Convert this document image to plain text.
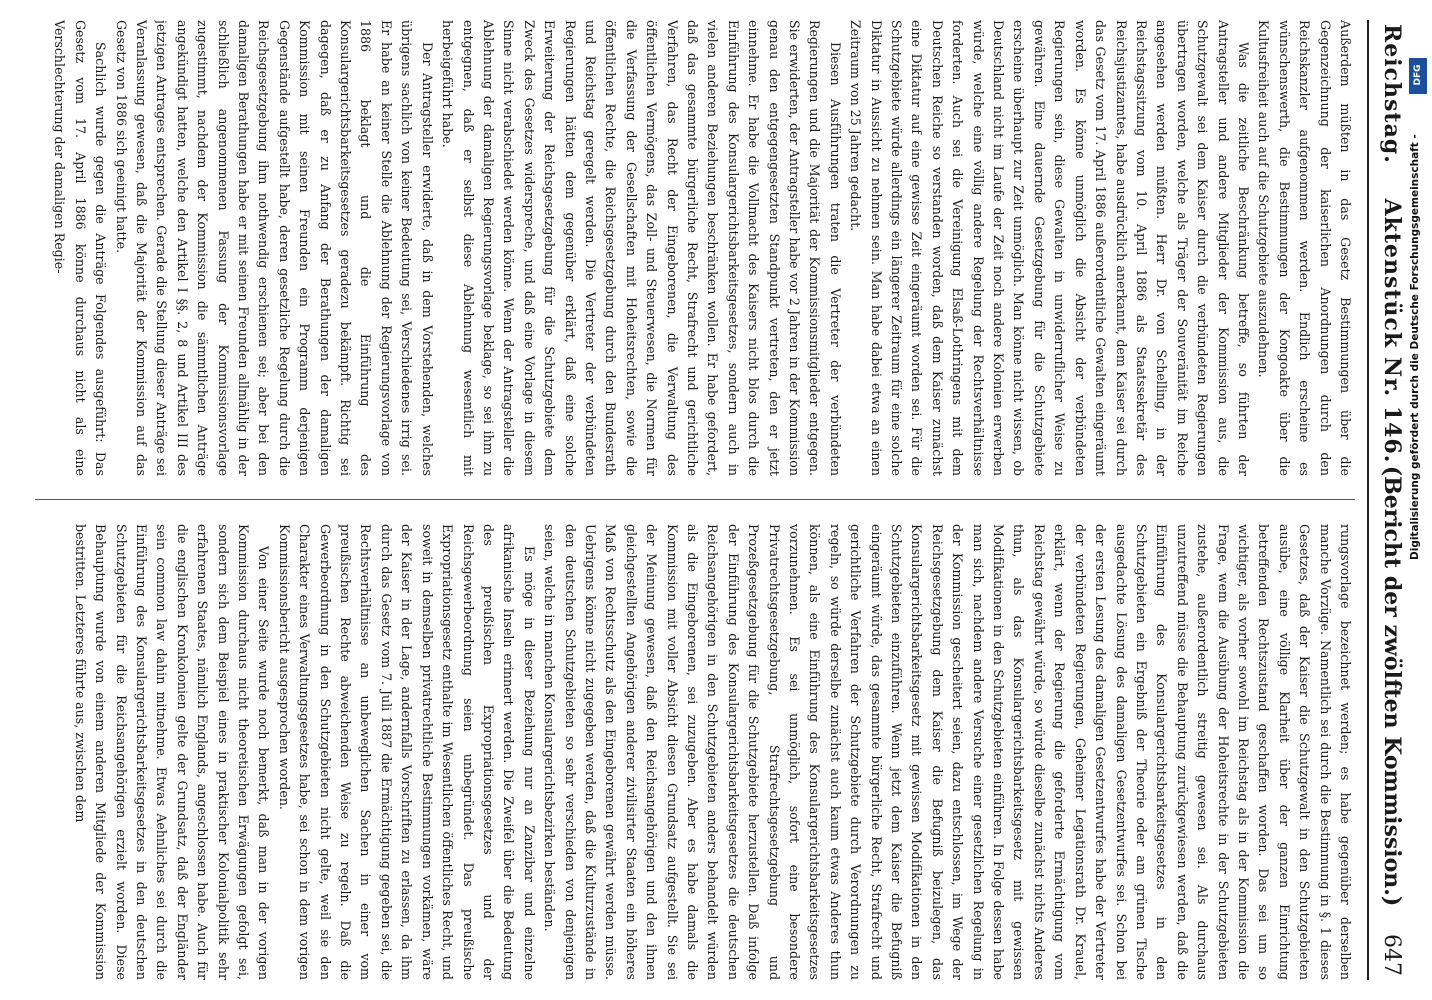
Reichstag. Aktenstück Nr. 146.
(Bericht der zwölften Kommission.) 647

Außerdem müßten in das Gesetz Bestimmungen über die Gegenzeichnung der kaiserlichen Anordnungen durch den Reichskanzler aufgenommen werden. Endlich erscheine es wünschenswerth, die Bestimmungen der Kongoakte über die Kultusfreiheit auch auf die Schutzgebiete auszudehnen.

Was die zeitliche Beschränkung betreffe, so führten der Antragsteller und andere Mitglieder der Kommission aus, die Schutzgewalt sei dem Kaiser durch die verbündeten Regierungen übertragen worden, welche als Träger der Souveränität im Reiche angesehen werden müßten. Herr Dr. von Schelling, in der Reichstagssitzung vom 10. April 1886 als Staatssekretär des Reichsjustizamtes, habe ausdrücklich anerkannt, dem Kaiser sei durch das Gesetz vom 17. April 1886 außerordentliche Gewalten eingeräumt worden. Es könne unmöglich die Absicht der verbündeten Regierungen sein, diese Gewalten in unwiderruflicher Weise zu gewähren. Eine dauernde Gesetzgebung für die Schutzgebiete erscheine überhaupt zur Zeit unmöglich. Man könne nicht wissen, ob Deutschland nicht im Laufe der Zeit noch andere Kolonien erwerben würde, welche eine völlig andere Regelung der Rechtsverhältnisse forderten. Auch sei die Vereinigung Elsaß-Lothringens mit dem Deutschen Reiche so verstanden worden, daß dem Kaiser zunächst eine Diktatur auf eine gewisse Zeit eingeräumt worden sei. Für die Schutzgebiete würde allerdings ein längerer Zeitraum für eine solche Diktatur in Aussicht zu nehmen sein. Man habe dabei etwa an einen Zeitraum von 25 Jahren gedacht.

Diesen Ausführungen traten die Vertreter der verbündeten Regierungen und die Majorität der Kommissionsmitglieder entgegen. Sie erwiderten, der Antragsteller habe vor 2 Jahren in der Kommission genau den entgegengesetzten Standpunkt vertreten, den er jetzt einnehme. Er habe die Vollmacht des Kaisers nicht blos durch die Einführung des Konsulargerichtsbarkeitsgesetzes, sondern auch in vielen anderen Beziehungen beschränken wollen. Er habe gefordert, daß das gesammte bürgerliche Recht, Strafrecht und gerichtliche Verfahren, das Recht der Eingeborenen, die Verwaltung des öffentlichen Vermögens, das Zoll- und Steuerwesen, die Normen für die Verfassung der Gesellschaften mit Hoheitsrechten, sowie die öffentlichen Rechte, die Reichsgesetzgebung durch den Bundesrath und Reichstag geregelt werden. Die Vertreter der verbündeten Regierungen hätten dem gegenüber erklärt, daß eine solche Erweiterung der Reichsgesetzgebung für die Schutzgebiete dem Zweck des Gesetzes widerspreche, und daß eine Vorlage in diesem Sinne nicht verabschiedet werden könne. Wenn der Antragsteller die Ablehnung der damaligen Regierungsvorlage beklage, so sei ihm zu entgegnen, daß er selbst diese Ablehnung wesentlich mit herbeigeführt habe.

Der Antragsteller erwiderte, daß in dem Vorstehenden, welches übrigens sachlich von keiner Bedeutung sei, Verschiedenes irrig sei. Er habe an keiner Stelle die Ablehnung der Regierungsvorlage von 1886 beklagt und die Einführung des Konsulargerichtsbarkeitsgesetzes geradezu bekämpft. Richtig sei dagegen, daß er zu Anfang der Berathungen der damaligen Kommission mit seinen Freunden ein Programm derjenigen Gegenstände aufgestellt habe, deren gesetzliche Regelung durch die Reichsgesetzgebung ihm nothwendig erschienen sei; aber bei den damaligen Berathungen habe er mit seinen Freunden allmählig in der schließlich angenommenen Fassung der Kommissionsvorlage zugestimmt, nachdem der Kommission die sämmtlichen Anträge angekündigt hatten, welche den Artikel I §§. 2, 8 und Artikel III des jetzigen Antrages entsprechen. Gerade die Stellung dieser Anträge sei Veranlassung gewesen, daß die Majorität der Kommission auf das Gesetz von 1886 sich geeinigt hatte.

Sachlich wurde gegen die Anträge Folgendes ausgeführt: Das Gesetz vom 17. April 1886 könne durchaus nicht als eine Verschlechterung der damaligen Regie-

rungsvorlage bezeichnet werden; es habe gegenüber derselben manche Vorzüge. Namentlich sei durch die Bestimmung in §. 1 dieses Gesetzes, daß der Kaiser die Schutzgewalt in den Schutzgebieten ausübe, eine völlige Klarheit über der ganzen Einrichtung betreffenden Rechtszustand geschaffen worden. Das sei um so wichtiger, als vorher sowohl im Reichstag als in der Kommission die Frage, wem die Ausübung der Hoheitsrechte in der Schutzgebieten zustehe, außerordentlich streitig gewesen sei. Als durchaus unzutreffend müsse die Behauptung zurückgewiesen werden, daß die Einführung des Konsulargerichtsbarkeitsgesetzes in den Schutzgebieten ein Ergebniß der Theorie oder am grünen Tische ausgedachte Lösung des damaligen Gesetzentwurfes sei. Schon bei der ersten Lesung des damaligen Gesetzentwurfes habe der Vertreter der verbündeten Regierungen, Geheimer Legationsrath Dr. Krauel, erklärt, wenn der Regierung die geforderte Ermächtigung vom Reichstag gewährt würde, so würde dieselbe zunächst nichts Anderes thun, als das Konsulargerichtsbarkeitsgesetz mit gewissen Modifikationen in den Schutzgebieten einführen. In Folge dessen habe man sich, nachdem andere Versuche einer gesetzlichen Regelung in der Kommission gescheitert seien, dazu entschlossen, im Wege der Reichsgesetzgebung dem Kaiser die Befugniß beizulegen, das Konsulargerichtsbarkeitsgesetz mit gewissen Modifikationen in den Schutzgebieten einzuführen. Wenn jetzt dem Kaiser die Befugniß eingeräumt würde, das gesammte bürgerliche Recht, Strafrecht und gerichtliche Verfahren der Schutzgebiete durch Verordnungen zu regeln, so würde derselbe zunächst auch kaum etwas Anderes thun können, als eine Einführung des Konsulargerichtsbarkeitsgesetzes vorzunehmen. Es sei unmöglich, sofort eine besondere Privatrechtsgesetzgebung, Strafrechtsgesetzgebung und Prozeßgesetzgebung für die Schutzgebiete herzustellen. Daß infolge der Einführung des Konsulargerichtsbarkeitsgesetzes die deutschen Reichsangehörigen in den Schutzgebieten anders behandelt würden als die Eingeborenen, sei zuzugeben. Aber es habe damals die Kommission mit voller Absicht diesen Grundsatz aufgestellt. Sie sei der Meinung gewesen, daß den Reichsangehörigen und den ihnen gleichgestellten Angehörigen anderer zivilisirter Staaten ein höheres Maß von Rechtsschutz als den Eingeborenen gewährt werden müsse. Uebrigens könne nicht zugegeben werden, daß die Kulturzustände in den deutschen Schutzgebieten so sehr verschieden von denjenigen seien, welche in manchen Konsulargerichtsbezirken beständen.

Es möge in dieser Beziehung nur an Zanzibar und einzelne afrikanische Inseln erinnert werden. Die Zweifel über die Bedeutung des preußischen Expropriationsgesetzes und der Reichsgewerbeordnung seien unbegründet. Das preußische Expropriationsgesetz enthalte im Wesentlichen öffentliches Recht, und soweit in demselben privatrechtliche Bestimmungen vorkämen, wäre der Kaiser in der Lage, andernfalls Vorschriften zu erlassen, da ihm durch das Gesetz vom 7. Juli 1887 die Ermächtigung gegeben sei, die Rechtsverhältnisse an unbeweglichen Sachen in einer vom preußischen Rechte abweichenden Weise zu regeln. Daß die Gewerbeordnung in den Schutzgebieten nicht gelte, weil sie den Charakter eines Verwaltungsgesetzes habe, sei schon in dem vorigen Kommissionsbericht ausgesprochen worden.

Von einer Seite wurde noch bemerkt, daß man in der vorigen Kommission durchaus nicht theoretischen Erwägungen gefolgt sei, sondern sich dem Beispiel eines in praktischer Kolonialpolitik sehr erfahrenen Staates, nämlich Englands, angeschlossen habe. Auch für die englischen Kronkolonien gelte der Grundsatz, daß der Engländer sein common law dahin mitnehme. Etwas Aehnliches sei durch die Einführung des Konsulargerichtsbarkeitsgesetzes in den deutschen Schutzgebieten für die Reichsangehörigen erzielt worden. Diese Behauptung wurde von einem anderen Mitgliede der Kommission bestritten. Letzteres führte aus, zwischen dem

DFG
Digitalisierung gefördert durch die Deutsche Forschungsgemeinschaft -
